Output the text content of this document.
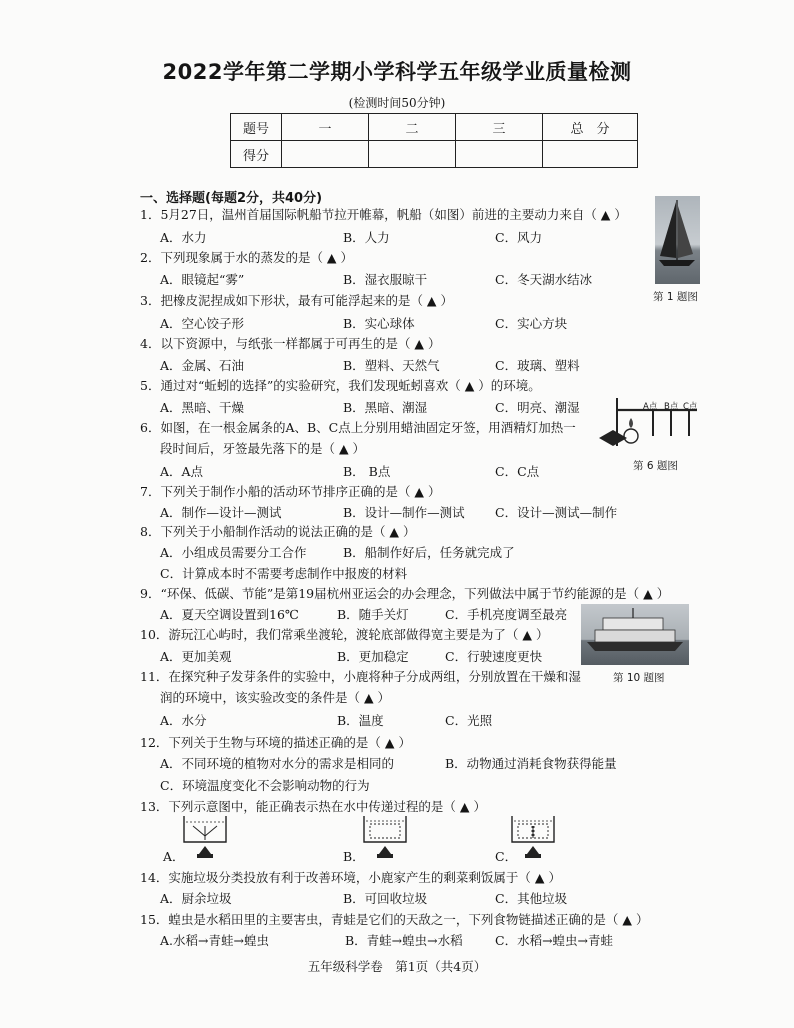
2022学年第二学期小学科学五年级学业质量检测
(检测时间50分钟)
题号	一	二	三	总　分
得分				
一、选择题(每题2分，共40分)
1．5月27日，温州首届国际帆船节拉开帷幕，帆船（如图）前进的主要动力来自（ ▲ ）
A．水力	B．人力	C．风力
第 1 题图
2．下列现象属于水的蒸发的是（ ▲ ）
A．眼镜起“雾”	B．湿衣服晾干	C．冬天湖水结冰
3．把橡皮泥捏成如下形状，最有可能浮起来的是（ ▲ ）
A．空心饺子形	B．实心球体	C．实心方块
4．以下资源中，与纸张一样都属于可再生的是（ ▲ ）
A．金属、石油	B．塑料、天然气	C．玻璃、塑料
5．通过对“蚯蚓的选择”的实验研究，我们发现蚯蚓喜欢（ ▲ ）的环境。
A．黑暗、干燥	B．黑暗、潮湿	C．明亮、潮湿
6．如图，在一根金属条的A、B、C点上分别用蜡油固定牙签，用酒精灯加热一
段时间后，牙签最先落下的是（ ▲ ）
A．A点	B． B点	C．C点
A点 B点 C点
第 6 题图
7．下列关于制作小船的活动环节排序正确的是（ ▲ ）
A．制作—设计—测试	B．设计—制作—测试 C．设计—测试—制作
8．下列关于小船制作活动的说法正确的是（ ▲ ）
A．小组成员需要分工合作	B．船制作好后，任务就完成了
C．计算成本时不需要考虑制作中报废的材料
9．“环保、低碳、节能”是第19届杭州亚运会的办会理念，下列做法中属于节约能源的是（ ▲ ）
A．夏天空调设置到16℃	B．随手关灯	C．手机亮度调至最亮
10．游玩江心屿时，我们常乘坐渡轮，渡轮底部做得宽主要是为了（ ▲ ）
A．更加美观	B．更加稳定	C．行驶速度更快
第 10 题图
11．在探究种子发芽条件的实验中，小鹿将种子分成两组，分别放置在干燥和湿
润的环境中，该实验改变的条件是（ ▲ ）
A．水分	B．温度	C．光照
12．下列关于生物与环境的描述正确的是（ ▲ ）
A．不同环境的植物对水分的需求是相同的	B．动物通过消耗食物获得能量
C．环境温度变化不会影响动物的行为
13．下列示意图中，能正确表示热在水中传递过程的是（ ▲ ）
A．	B．	C．
14．实施垃圾分类投放有利于改善环境，小鹿家产生的剩菜剩饭属于（ ▲ ）
A．厨余垃圾	B．可回收垃圾	C．其他垃圾
15．蝗虫是水稻田里的主要害虫，青蛙是它们的天敌之一，下列食物链描述正确的是（ ▲ ）
A.水稻→青蛙→蝗虫	B．青蛙→蝗虫→水稻	C．水稻→蝗虫→青蛙
五年级科学卷　第1页（共4页）
